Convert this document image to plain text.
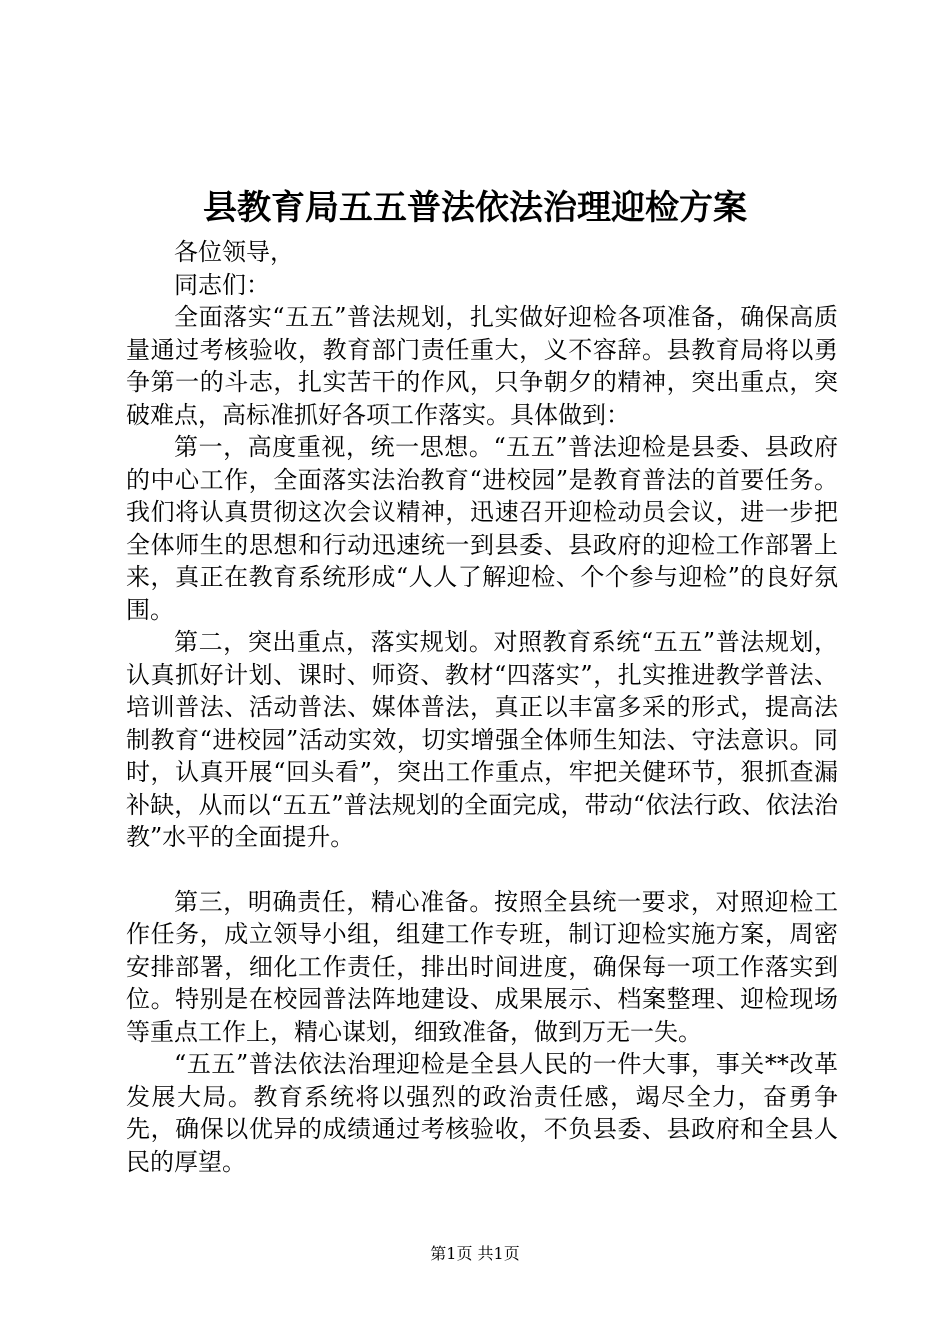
县教育局五五普法依法治理迎检方案

各位领导，

同志们：

全面落实“五五”普法规划，扎实做好迎检各项准备，确保高质量通过考核验收，教育部门责任重大，义不容辞。县教育局将以勇争第一的斗志，扎实苦干的作风，只争朝夕的精神，突出重点，突破难点，高标准抓好各项工作落实。具体做到：

第一，高度重视，统一思想。“五五”普法迎检是县委、县政府的中心工作，全面落实法治教育“进校园”是教育普法的首要任务。我们将认真贯彻这次会议精神，迅速召开迎检动员会议，进一步把全体师生的思想和行动迅速统一到县委、县政府的迎检工作部署上来，真正在教育系统形成“人人了解迎检、个个参与迎检”的良好氛围。

第二，突出重点，落实规划。对照教育系统“五五”普法规划，认真抓好计划、课时、师资、教材“四落实”，扎实推进教学普法、培训普法、活动普法、媒体普法，真正以丰富多采的形式，提高法制教育“进校园”活动实效，切实增强全体师生知法、守法意识。同时，认真开展“回头看”，突出工作重点，牢把关健环节，狠抓查漏补缺，从而以“五五”普法规划的全面完成，带动“依法行政、依法治教”水平的全面提升。

第三，明确责任，精心准备。按照全县统一要求，对照迎检工作任务，成立领导小组，组建工作专班，制订迎检实施方案，周密安排部署，细化工作责任，排出时间进度，确保每一项工作落实到位。特别是在校园普法阵地建设、成果展示、档案整理、迎检现场等重点工作上，精心谋划，细致准备，做到万无一失。

“五五”普法依法治理迎检是全县人民的一件大事，事关**改革发展大局。教育系统将以强烈的政治责任感，竭尽全力，奋勇争先，确保以优异的成绩通过考核验收，不负县委、县政府和全县人民的厚望。

第1页 共1页
